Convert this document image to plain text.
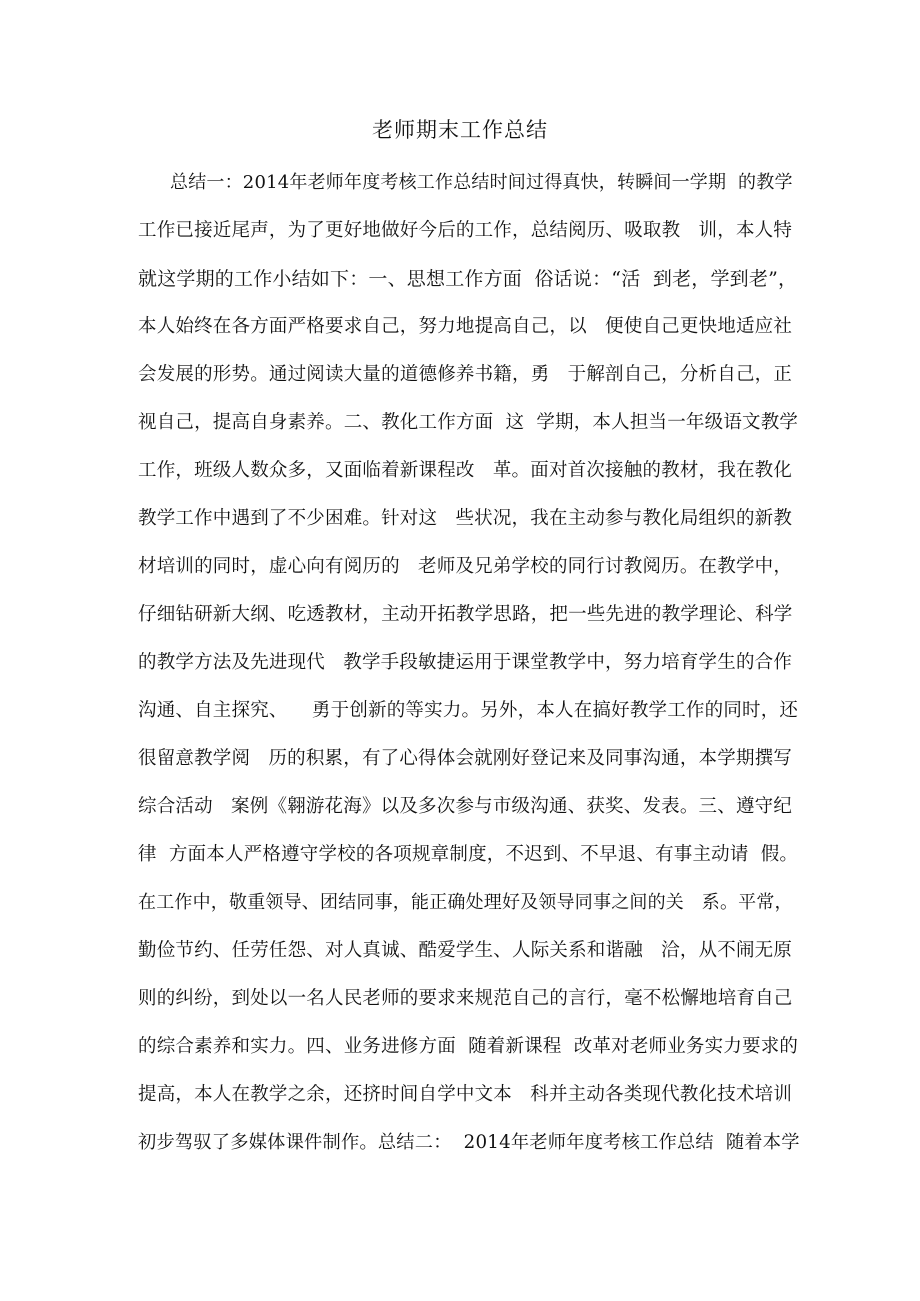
老师期末工作总结
总结一：2014年老师年度考核工作总结时间过得真快，转瞬间一学期  的教学
工作已接近尾声，为了更好地做好今后的工作，总结阅历、吸取教   训，本人特
就这学期的工作小结如下：一、思想工作方面  俗话说：“活  到老，学到老”，
本人始终在各方面严格要求自己，努力地提高自己，以   便使自己更快地适应社
会发展的形势。通过阅读大量的道德修养书籍，勇   于解剖自己，分析自己，正
视自己，提高自身素养。二、教化工作方面  这  学期，本人担当一年级语文教学
工作，班级人数众多，又面临着新课程改   革。面对首次接触的教材，我在教化
教学工作中遇到了不少困难。针对这   些状况，我在主动参与教化局组织的新教
材培训的同时，虚心向有阅历的   老师及兄弟学校的同行讨教阅历。在教学中，
仔细钻研新大纲、吃透教材，主动开拓教学思路，把一些先进的教学理论、科学
的教学方法及先进现代   教学手段敏捷运用于课堂教学中，努力培育学生的合作
沟通、自主探究、    勇于创新的等实力。另外，本人在搞好教学工作的同时，还
很留意教学阅   历的积累，有了心得体会就刚好登记来及同事沟通，本学期撰写
综合活动   案例《翱游花海》以及多次参与市级沟通、获奖、发表。三、遵守纪
律  方面本人严格遵守学校的各项规章制度，不迟到、不早退、有事主动请  假。
在工作中，敬重领导、团结同事，能正确处理好及领导同事之间的关   系。平常，
勤俭节约、任劳任怨、对人真诚、酷爱学生、人际关系和谐融   洽，从不闹无原
则的纠纷，到处以一名人民老师的要求来规范自己的言行，毫不松懈地培育自己
的综合素养和实力。四、业务进修方面  随着新课程  改革对老师业务实力要求的
提高，本人在教学之余，还挤时间自学中文本   科并主动各类现代教化技术培训
初步驾驭了多媒体课件制作。总结二：  2014年老师年度考核工作总结  随着本学
